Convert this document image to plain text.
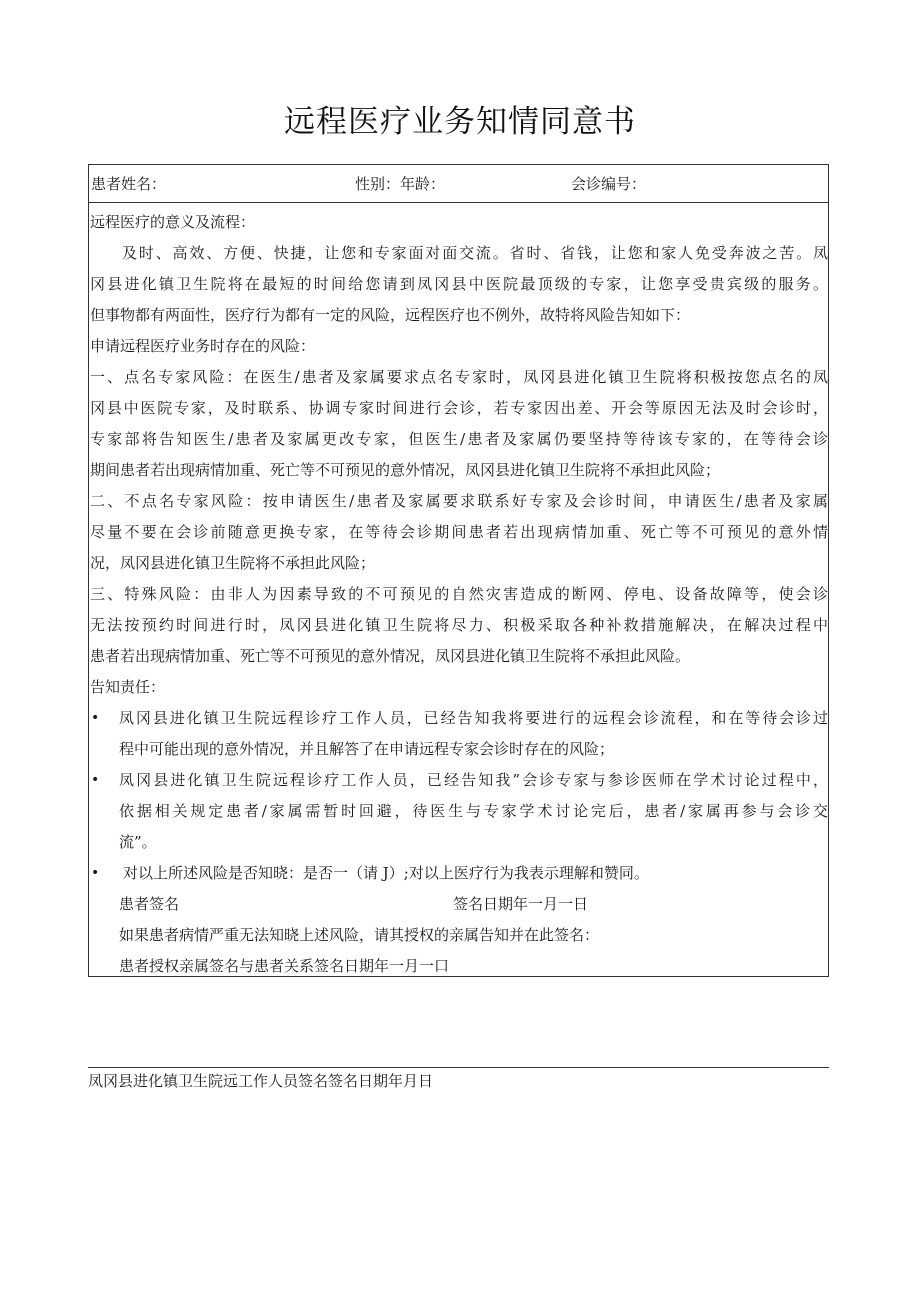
远程医疗业务知情同意书
患者姓名：	性别：年龄：	会诊编号：
远程医疗的意义及流程：
及时、高效、方便、快捷，让您和专家面对面交流。省时、省钱，让您和家人免受奔波之苦。凤
冈县进化镇卫生院将在最短的时间给您请到凤冈县中医院最顶级的专家，让您享受贵宾级的服务。
但事物都有两面性，医疗行为都有一定的风险，远程医疗也不例外，故特将风险告知如下：
申请远程医疗业务时存在的风险：
一、点名专家风险：在医生/患者及家属要求点名专家时，凤冈县进化镇卫生院将积极按您点名的凤
冈县中医院专家，及时联系、协调专家时间进行会诊，若专家因出差、开会等原因无法及时会诊时，
专家部将告知医生/患者及家属更改专家，但医生/患者及家属仍要坚持等待该专家的，在等待会诊
期间患者若出现病情加重、死亡等不可预见的意外情况，凤冈县进化镇卫生院将不承担此风险；
二、不点名专家风险：按申请医生/患者及家属要求联系好专家及会诊时间，申请医生/患者及家属
尽量不要在会诊前随意更换专家，在等待会诊期间患者若出现病情加重、死亡等不可预见的意外情
况，凤冈县进化镇卫生院将不承担此风险；
三、特殊风险：由非人为因素导致的不可预见的自然灾害造成的断网、停电、设备故障等，使会诊
无法按预约时间进行时，凤冈县进化镇卫生院将尽力、积极采取各种补救措施解决，在解决过程中
患者若出现病情加重、死亡等不可预见的意外情况，凤冈县进化镇卫生院将不承担此风险。
告知责任：
• 凤冈县进化镇卫生院远程诊疗工作人员，已经告知我将要进行的远程会诊流程，和在等待会诊过
程中可能出现的意外情况，并且解答了在申请远程专家会诊时存在的风险；
• 凤冈县进化镇卫生院远程诊疗工作人员，已经告知我”会诊专家与参诊医师在学术讨论过程中，
依据相关规定患者/家属需暂时回避，待医生与专家学术讨论完后，患者/家属再参与会诊交
流”。
• 对以上所述风险是否知晓：是否一（请 J）;对以上医疗行为我表示理解和赞同。
患者签名	签名日期年一月一日
如果患者病情严重无法知晓上述风险，请其授权的亲属告知并在此签名：
患者授权亲属签名与患者关系签名日期年一月一口
凤冈县进化镇卫生院远工作人员签名签名日期年月日
